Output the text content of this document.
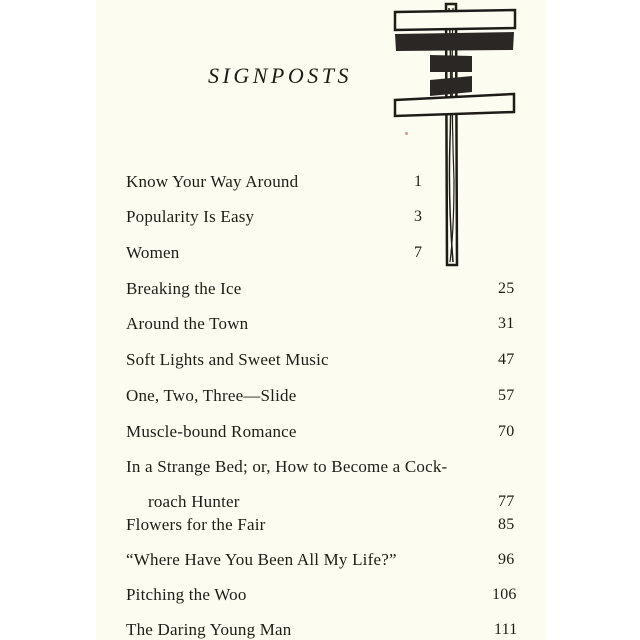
SIGNPOSTS
Know Your Way Around	1
Popularity Is Easy	3
Women	7
Breaking the Ice	25
Around the Town	31
Soft Lights and Sweet Music	47
One, Two, Three—Slide	57
Muscle-bound Romance	70
In a Strange Bed; or, How to Become a Cock-
roach Hunter	77
Flowers for the Fair	85
“Where Have You Been All My Life?”	96
Pitching the Woo	106
The Daring Young Man	111
